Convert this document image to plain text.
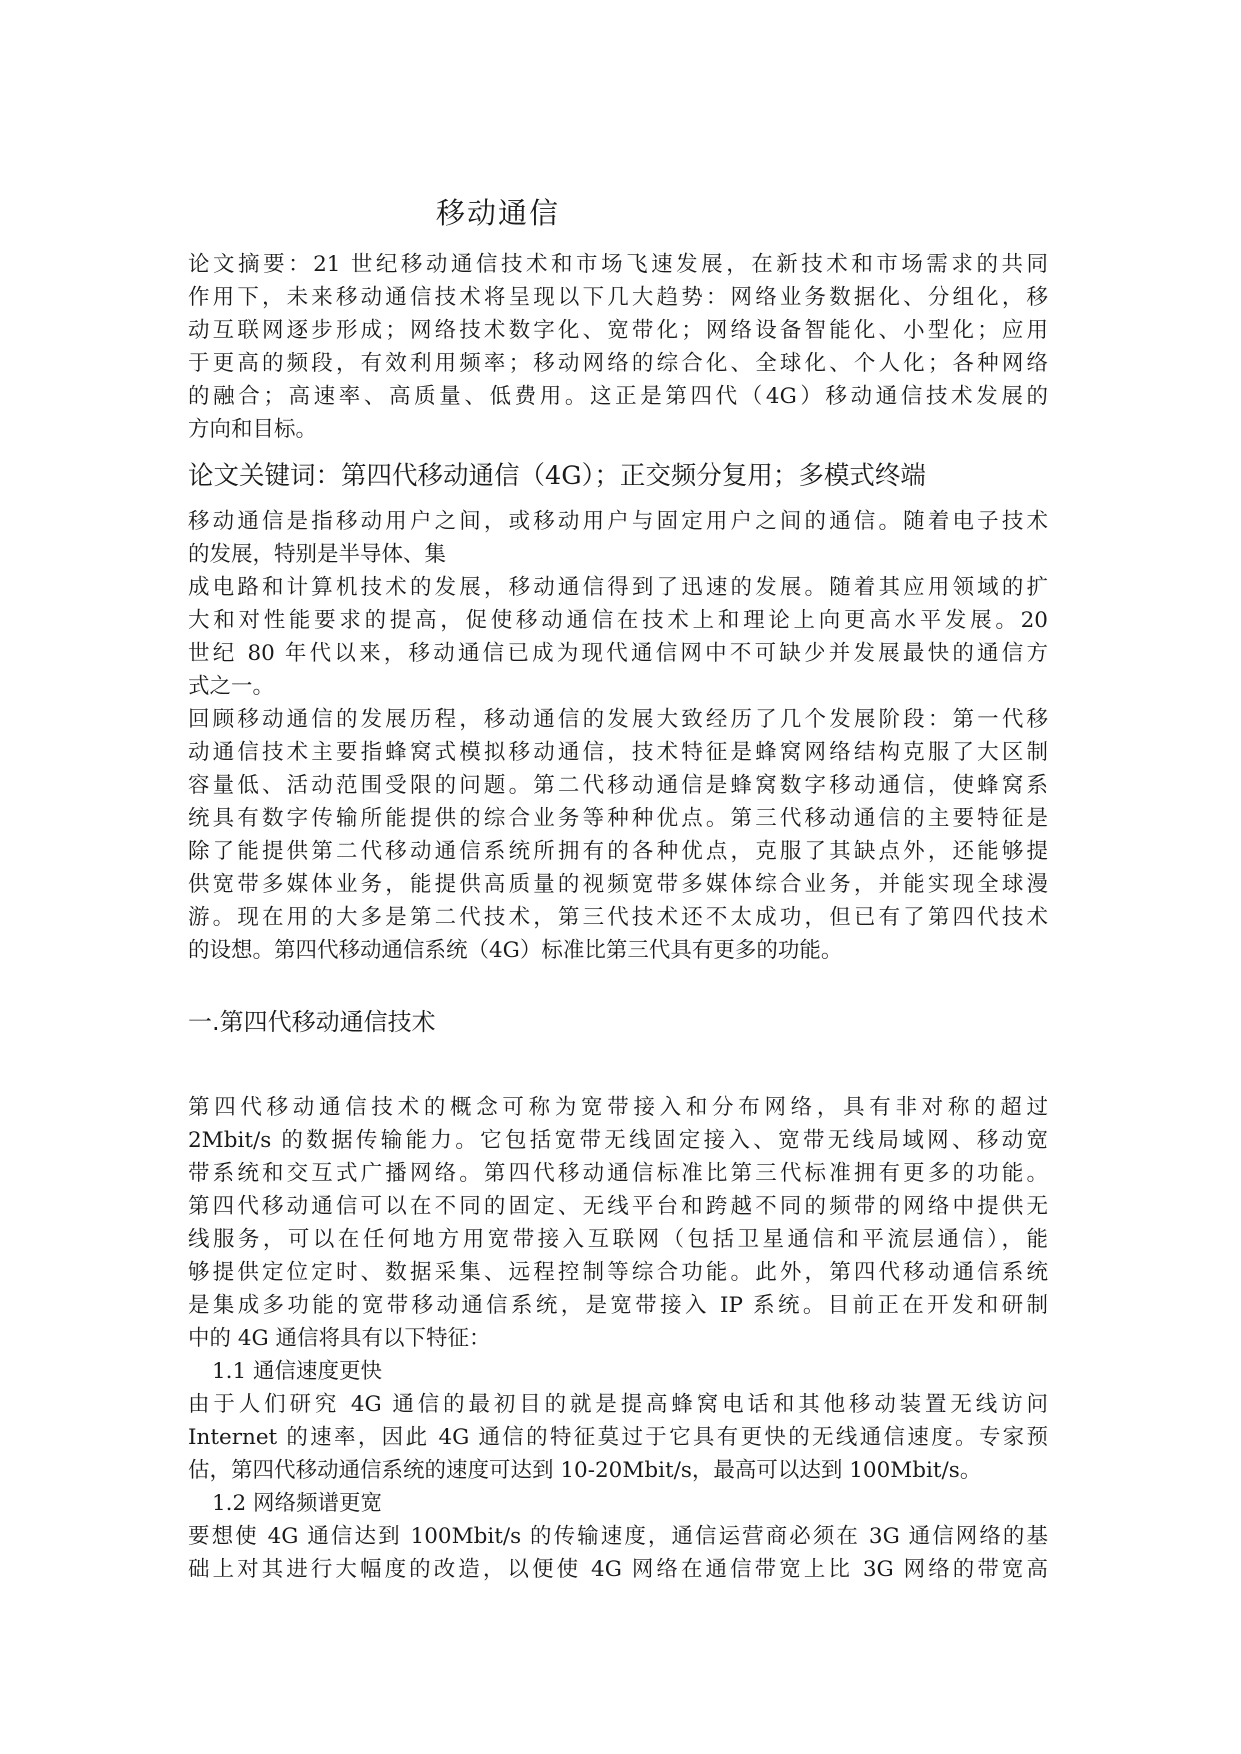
移动通信

论文摘要：21 世纪移动通信技术和市场飞速发展，在新技术和市场需求的共同

作用下，未来移动通信技术将呈现以下几大趋势：网络业务数据化、分组化，移

动互联网逐步形成；网络技术数字化、宽带化；网络设备智能化、小型化；应用

于更高的频段，有效利用频率；移动网络的综合化、全球化、个人化；各种网络

的融合；高速率、高质量、低费用。这正是第四代（4G）移动通信技术发展的

方向和目标。

论文关键词：第四代移动通信（4G）；正交频分复用；多模式终端

移动通信是指移动用户之间，或移动用户与固定用户之间的通信。随着电子技术

的发展，特别是半导体、集

成电路和计算机技术的发展，移动通信得到了迅速的发展。随着其应用领域的扩

大和对性能要求的提高，促使移动通信在技术上和理论上向更高水平发展。20

世纪 80 年代以来，移动通信已成为现代通信网中不可缺少并发展最快的通信方

式之一。

回顾移动通信的发展历程，移动通信的发展大致经历了几个发展阶段：第一代移

动通信技术主要指蜂窝式模拟移动通信，技术特征是蜂窝网络结构克服了大区制

容量低、活动范围受限的问题。第二代移动通信是蜂窝数字移动通信，使蜂窝系

统具有数字传输所能提供的综合业务等种种优点。第三代移动通信的主要特征是

除了能提供第二代移动通信系统所拥有的各种优点，克服了其缺点外，还能够提

供宽带多媒体业务，能提供高质量的视频宽带多媒体综合业务，并能实现全球漫

游。现在用的大多是第二代技术，第三代技术还不太成功，但已有了第四代技术

的设想。第四代移动通信系统（4G）标准比第三代具有更多的功能。

一.第四代移动通信技术

第四代移动通信技术的概念可称为宽带接入和分布网络，具有非对称的超过

2Mbit/s 的数据传输能力。它包括宽带无线固定接入、宽带无线局域网、移动宽

带系统和交互式广播网络。第四代移动通信标准比第三代标准拥有更多的功能。

第四代移动通信可以在不同的固定、无线平台和跨越不同的频带的网络中提供无

线服务，可以在任何地方用宽带接入互联网（包括卫星通信和平流层通信），能

够提供定位定时、数据采集、远程控制等综合功能。此外，第四代移动通信系统

是集成多功能的宽带移动通信系统，是宽带接入 IP 系统。目前正在开发和研制

中的 4G 通信将具有以下特征：

1.1 通信速度更快

由于人们研究 4G 通信的最初目的就是提高蜂窝电话和其他移动装置无线访问

Internet 的速率，因此 4G 通信的特征莫过于它具有更快的无线通信速度。专家预

估，第四代移动通信系统的速度可达到 10-20Mbit/s，最高可以达到 100Mbit/s。

1.2 网络频谱更宽

要想使 4G 通信达到 100Mbit/s 的传输速度，通信运营商必须在 3G 通信网络的基

础上对其进行大幅度的改造，以便使 4G 网络在通信带宽上比 3G 网络的带宽高
